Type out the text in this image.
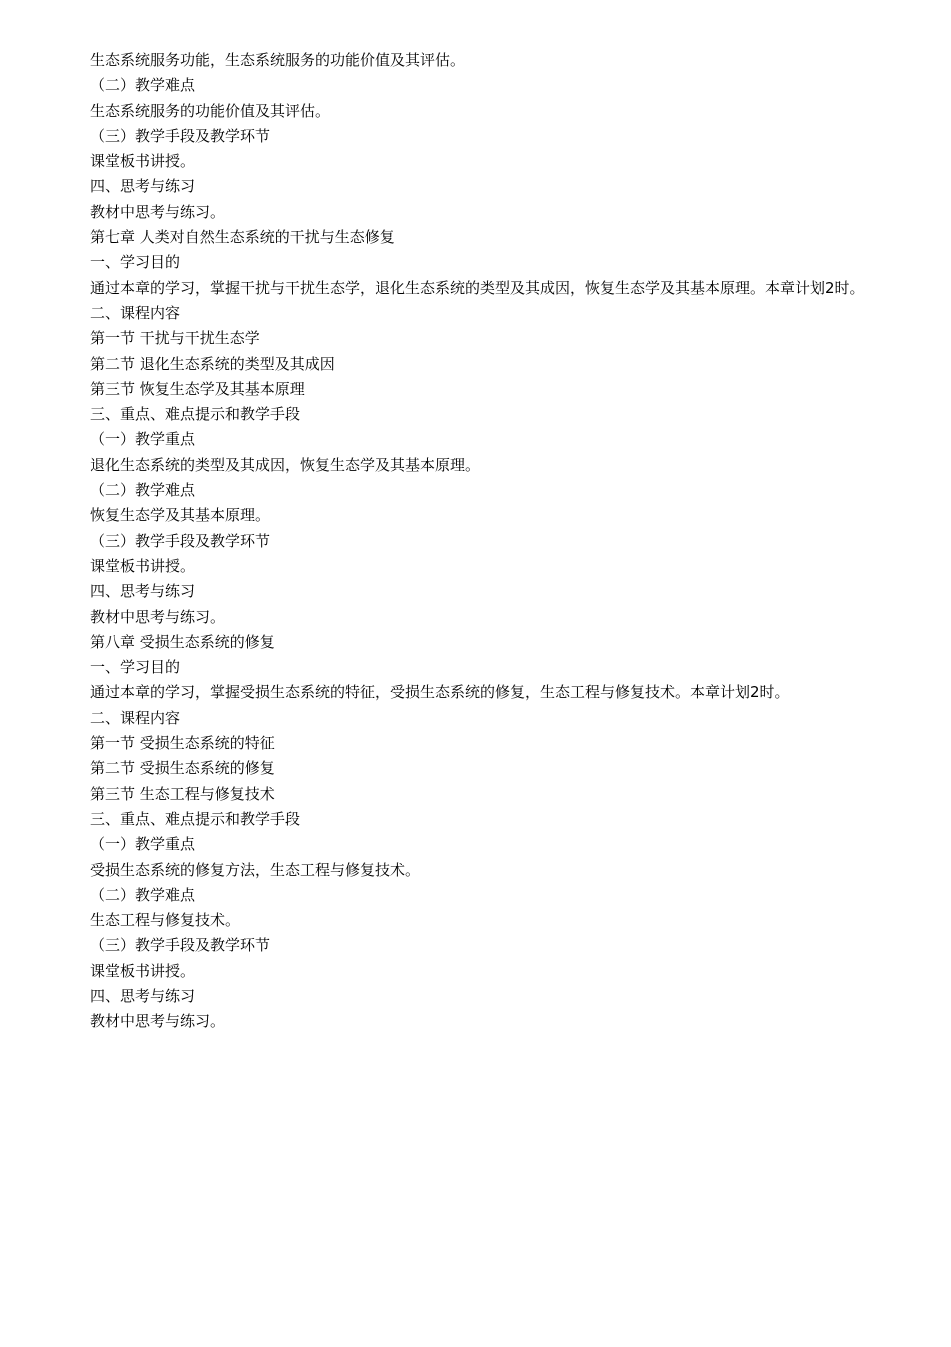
生态系统服务功能，生态系统服务的功能价值及其评估。
（二）教学难点
生态系统服务的功能价值及其评估。
（三）教学手段及教学环节
课堂板书讲授。
四、思考与练习
教材中思考与练习。
第七章 人类对自然生态系统的干扰与生态修复
一、学习目的
通过本章的学习，掌握干扰与干扰生态学，退化生态系统的类型及其成因，恢复生态学及其基本原理。本章计划2时。
二、课程内容
第一节 干扰与干扰生态学
第二节 退化生态系统的类型及其成因
第三节 恢复生态学及其基本原理
三、重点、难点提示和教学手段
（一）教学重点
退化生态系统的类型及其成因，恢复生态学及其基本原理。
（二）教学难点
恢复生态学及其基本原理。
（三）教学手段及教学环节
课堂板书讲授。
四、思考与练习
教材中思考与练习。
第八章 受损生态系统的修复
一、学习目的
通过本章的学习，掌握受损生态系统的特征，受损生态系统的修复，生态工程与修复技术。本章计划2时。
二、课程内容
第一节 受损生态系统的特征
第二节 受损生态系统的修复
第三节 生态工程与修复技术
三、重点、难点提示和教学手段
（一）教学重点
受损生态系统的修复方法，生态工程与修复技术。
（二）教学难点
生态工程与修复技术。
（三）教学手段及教学环节
课堂板书讲授。
四、思考与练习
教材中思考与练习。
